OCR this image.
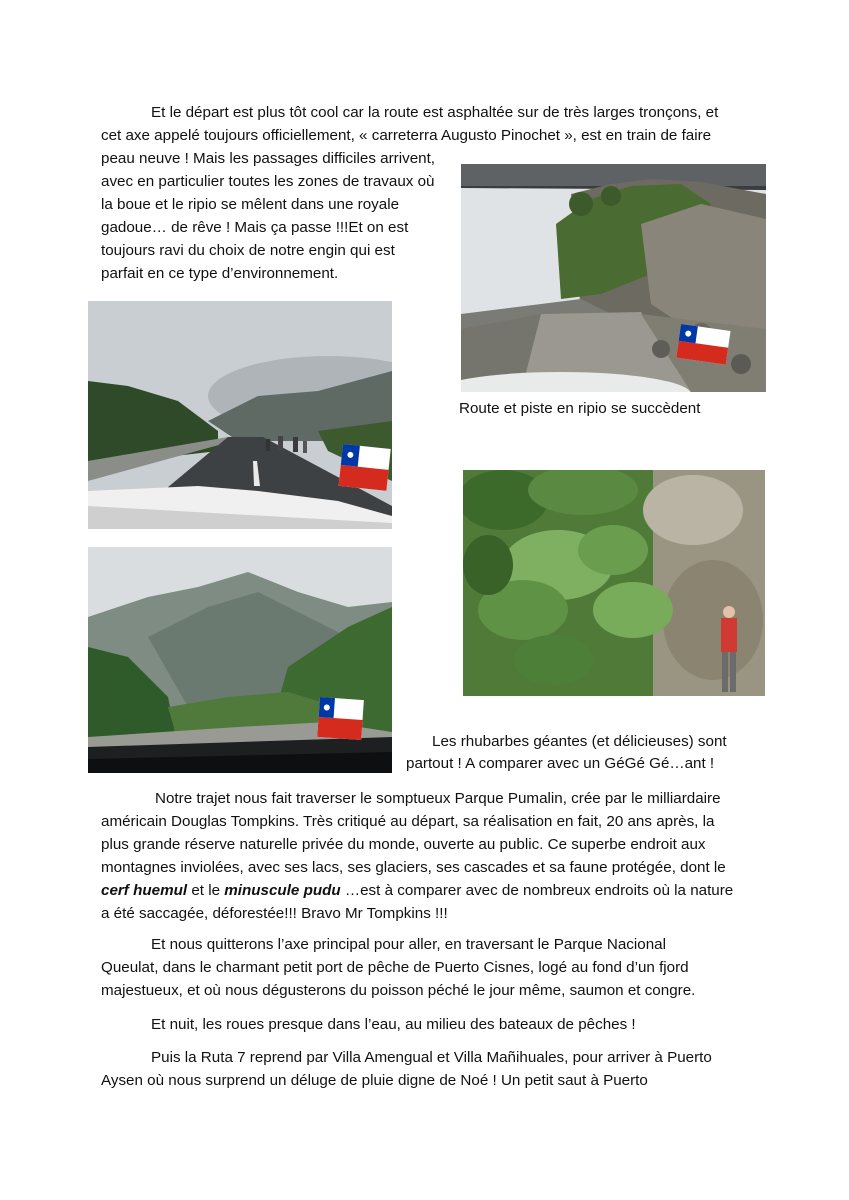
Et le départ est plus tôt cool car la route est asphaltée sur de très larges tronçons, et
cet axe appelé toujours officiellement, « carreterra Augusto Pinochet », est en train de faire
peau neuve ! Mais les passages difficiles arrivent,
avec en particulier toutes les zones de travaux où
la boue et le ripio se mêlent dans une royale
gadoue… de rêve ! Mais ça passe !!!Et on est
toujours ravi du choix de notre engin qui est
parfait en ce type d’environnement.
Route et piste en ripio se succèdent
Les rhubarbes géantes (et délicieuses) sont
partout ! A comparer avec un GéGé Gé…ant !
Notre trajet nous fait traverser le somptueux Parque Pumalin, crée par le milliardaire
américain Douglas Tompkins. Très critiqué au départ, sa réalisation en fait, 20 ans après, la
plus grande réserve naturelle privée du monde, ouverte au public. Ce superbe endroit aux
montagnes inviolées, avec ses lacs, ses glaciers, ses cascades et sa faune protégée, dont le
cerf huemul et le minuscule pudu …est à comparer avec de nombreux endroits où la nature
a été saccagée, déforestée!!! Bravo Mr Tompkins !!!
Et nous quitterons l’axe principal pour aller, en traversant le Parque Nacional
Queulat, dans le charmant petit port de pêche de Puerto Cisnes, logé au fond d’un fjord
majestueux, et où nous dégusterons du poisson péché le jour même, saumon et congre.
Et nuit, les roues presque dans l’eau, au milieu des bateaux de pêches !
Puis la Ruta 7 reprend par Villa Amengual et Villa Mañihuales, pour arriver à Puerto
Aysen où nous surprend un déluge de pluie digne de Noé ! Un petit saut à Puerto
